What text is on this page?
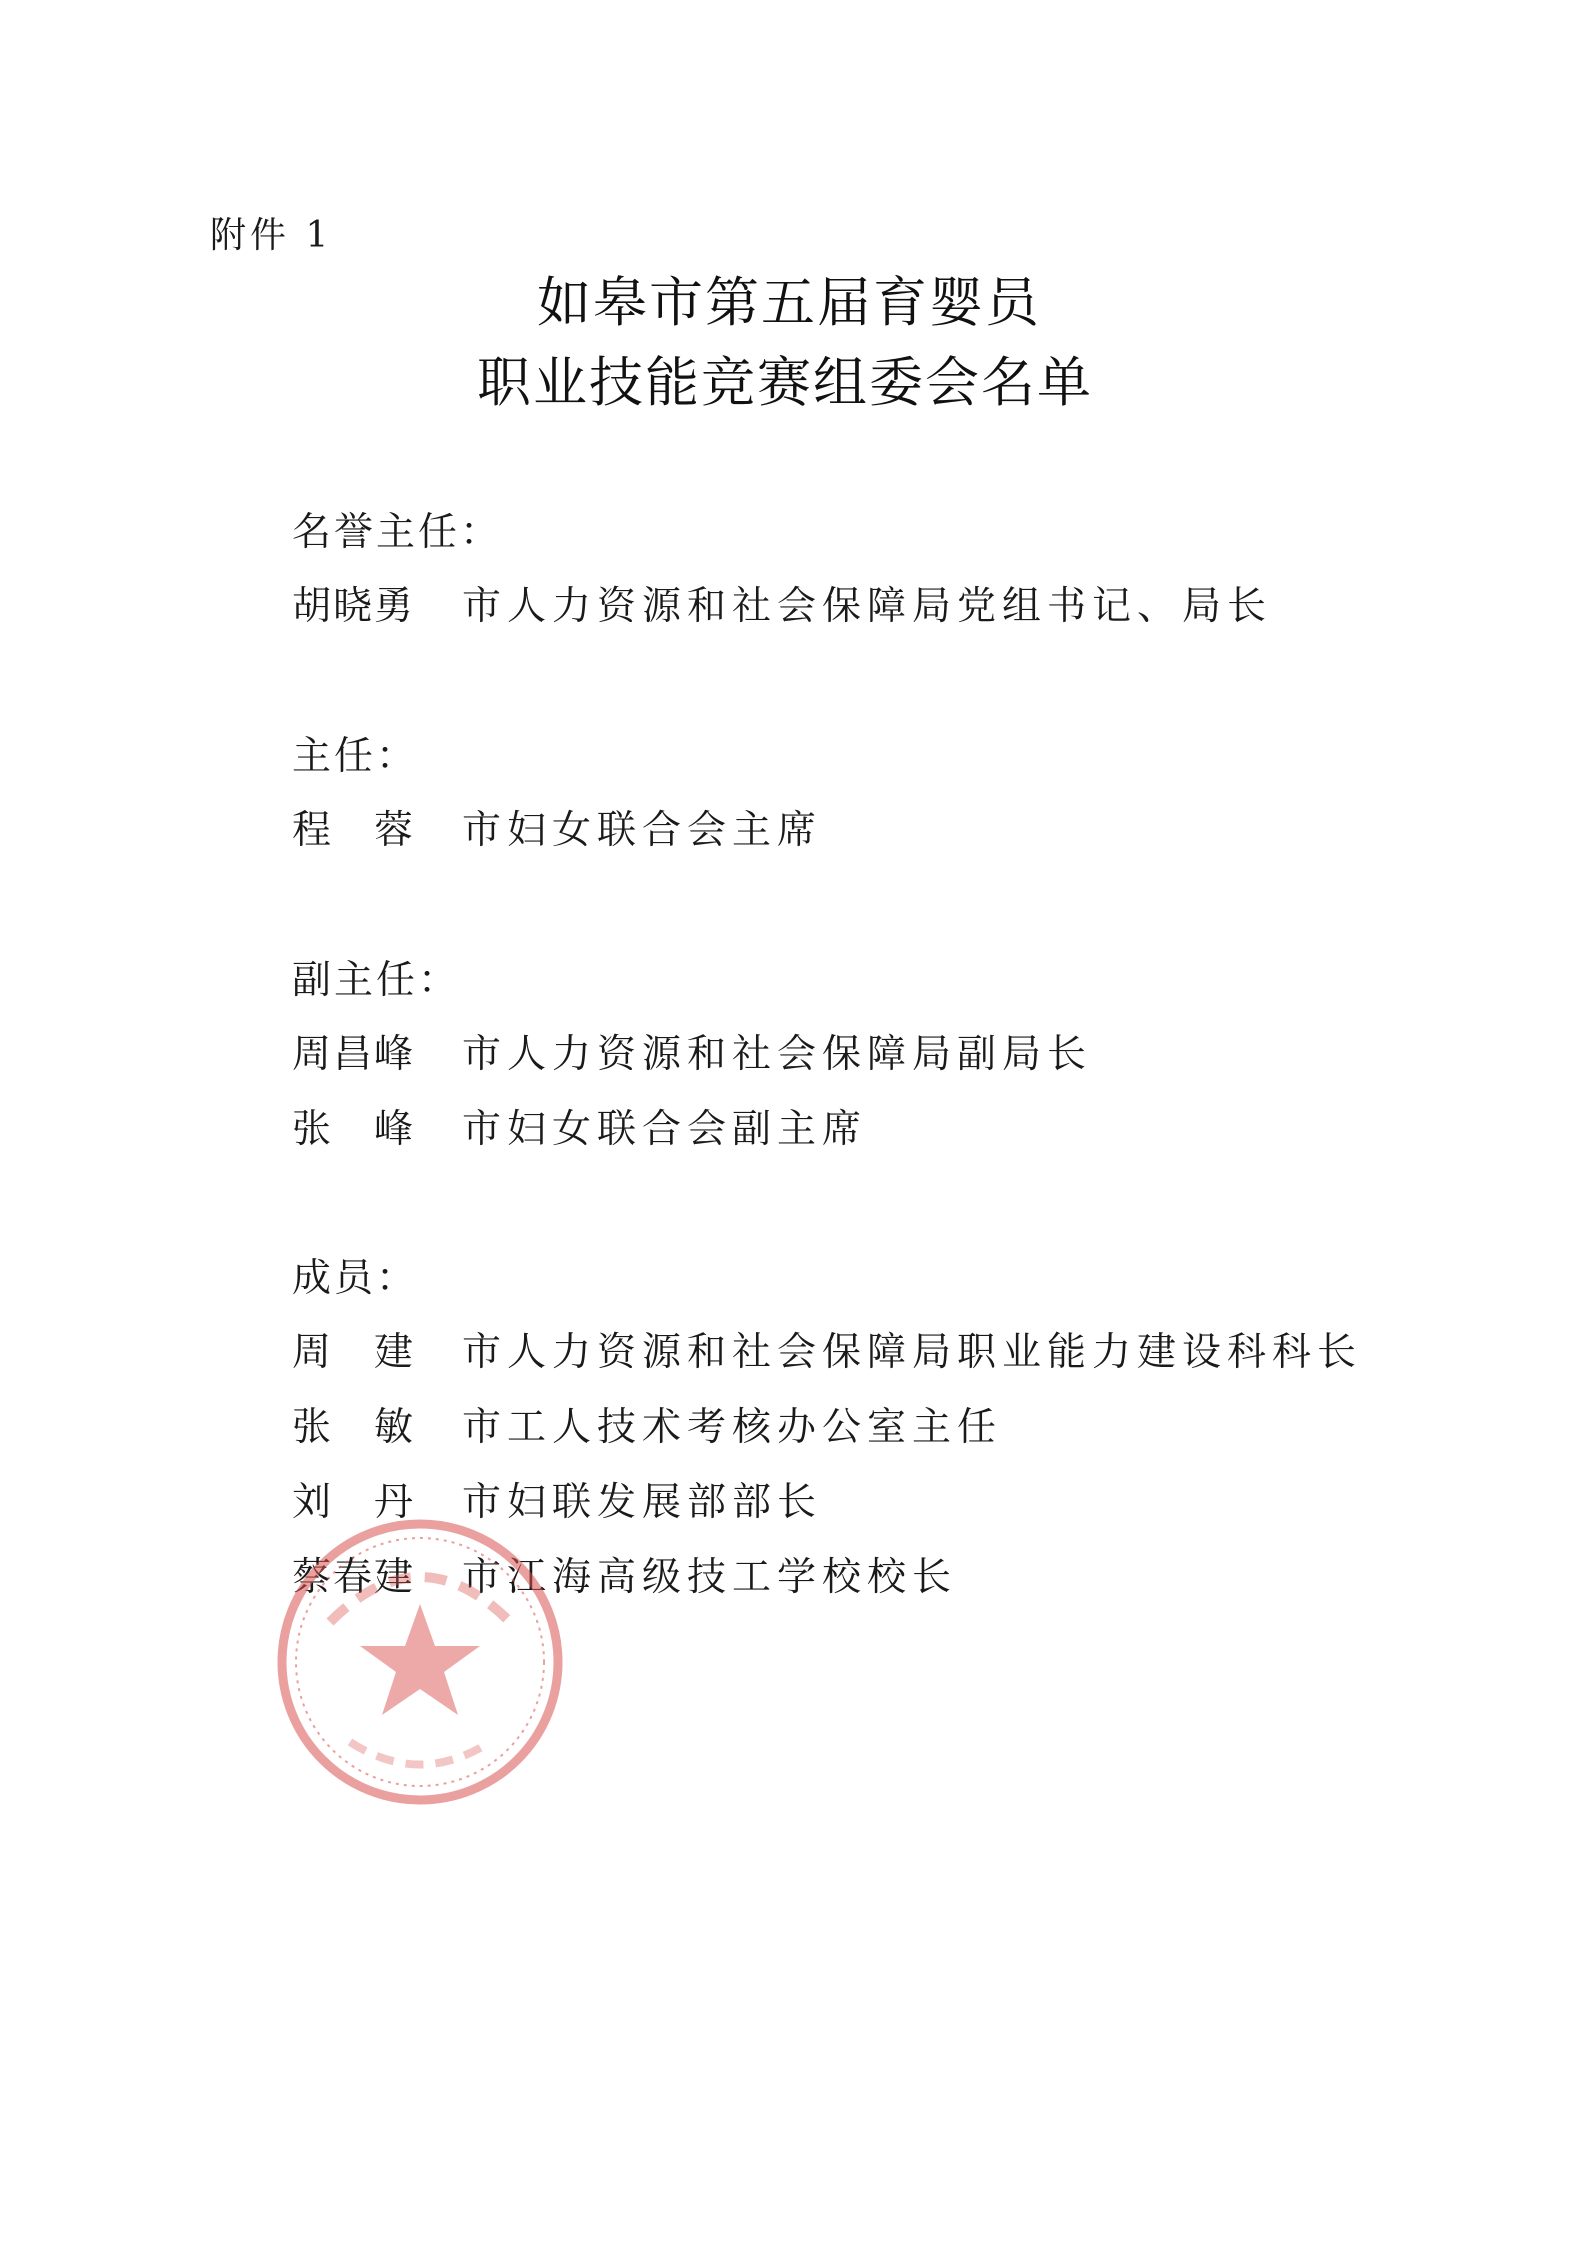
附件 1
如皋市第五届育婴员
职业技能竞赛组委会名单
名誉主任：
胡晓勇 市人力资源和社会保障局党组书记、局长
主任：
程　蓉 市妇女联合会主席
副主任：
周昌峰 市人力资源和社会保障局副局长
张　峰 市妇女联合会副主席
成员：
周　建 市人力资源和社会保障局职业能力建设科科长
张　敏 市工人技术考核办公室主任
刘　丹 市妇联发展部部长
蔡春建 市江海高级技工学校校长
